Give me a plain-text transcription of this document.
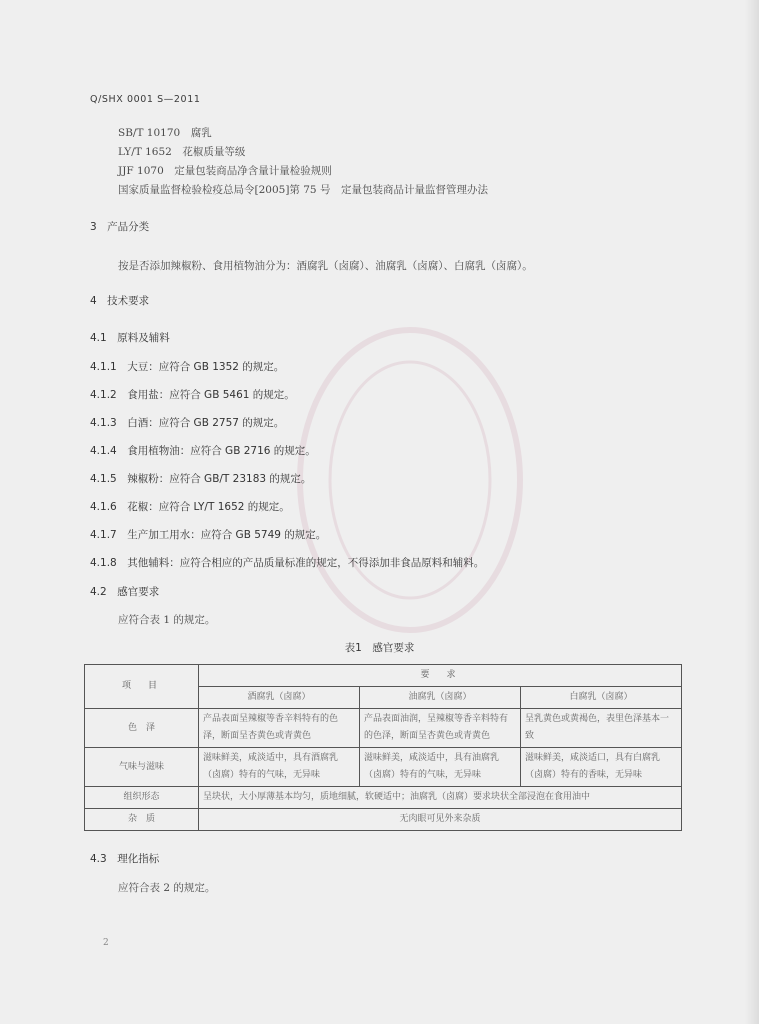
Q/SHX 0001 S—2011
SB/T 10170　腐乳
LY/T 1652　花椒质量等级
JJF 1070　定量包装商品净含量计量检验规则
国家质量监督检验检疫总局令[2005]第 75 号　定量包装商品计量监督管理办法
3　产品分类
按是否添加辣椒粉、食用植物油分为：酒腐乳（卤腐）、油腐乳（卤腐）、白腐乳（卤腐）。
4　技术要求
4.1　原料及辅料
4.1.1　大豆：应符合 GB 1352 的规定。
4.1.2　食用盐：应符合 GB 5461 的规定。
4.1.3　白酒：应符合 GB 2757 的规定。
4.1.4　食用植物油：应符合 GB 2716 的规定。
4.1.5　辣椒粉：应符合 GB/T 23183 的规定。
4.1.6　花椒：应符合 LY/T 1652 的规定。
4.1.7　生产加工用水：应符合 GB 5749 的规定。
4.1.8　其他辅料：应符合相应的产品质量标准的规定，不得添加非食品原料和辅料。
4.2　感官要求
应符合表 1 的规定。
表1　感官要求
项　目	要　求		
	酒腐乳（卤腐）	油腐乳（卤腐）	白腐乳（卤腐）
色　泽	产品表面呈辣椒等香辛料特有的色泽，断面呈杏黄色或青黄色	产品表面油润，呈辣椒等香辛料特有的色泽，断面呈杏黄色或青黄色	呈乳黄色或黄褐色，表里色泽基本一致
气味与滋味	滋味鲜美，咸淡适中，具有酒腐乳（卤腐）特有的气味，无异味	滋味鲜美，咸淡适中，具有油腐乳（卤腐）特有的气味，无异味	滋味鲜美，咸淡适口，具有白腐乳（卤腐）特有的香味，无异味
组织形态	呈块状，大小厚薄基本均匀，质地细腻，软硬适中；油腐乳（卤腐）要求块状全部浸泡在食用油中		
杂　质	无肉眼可见外来杂质		
4.3　理化指标
应符合表 2 的规定。
2
